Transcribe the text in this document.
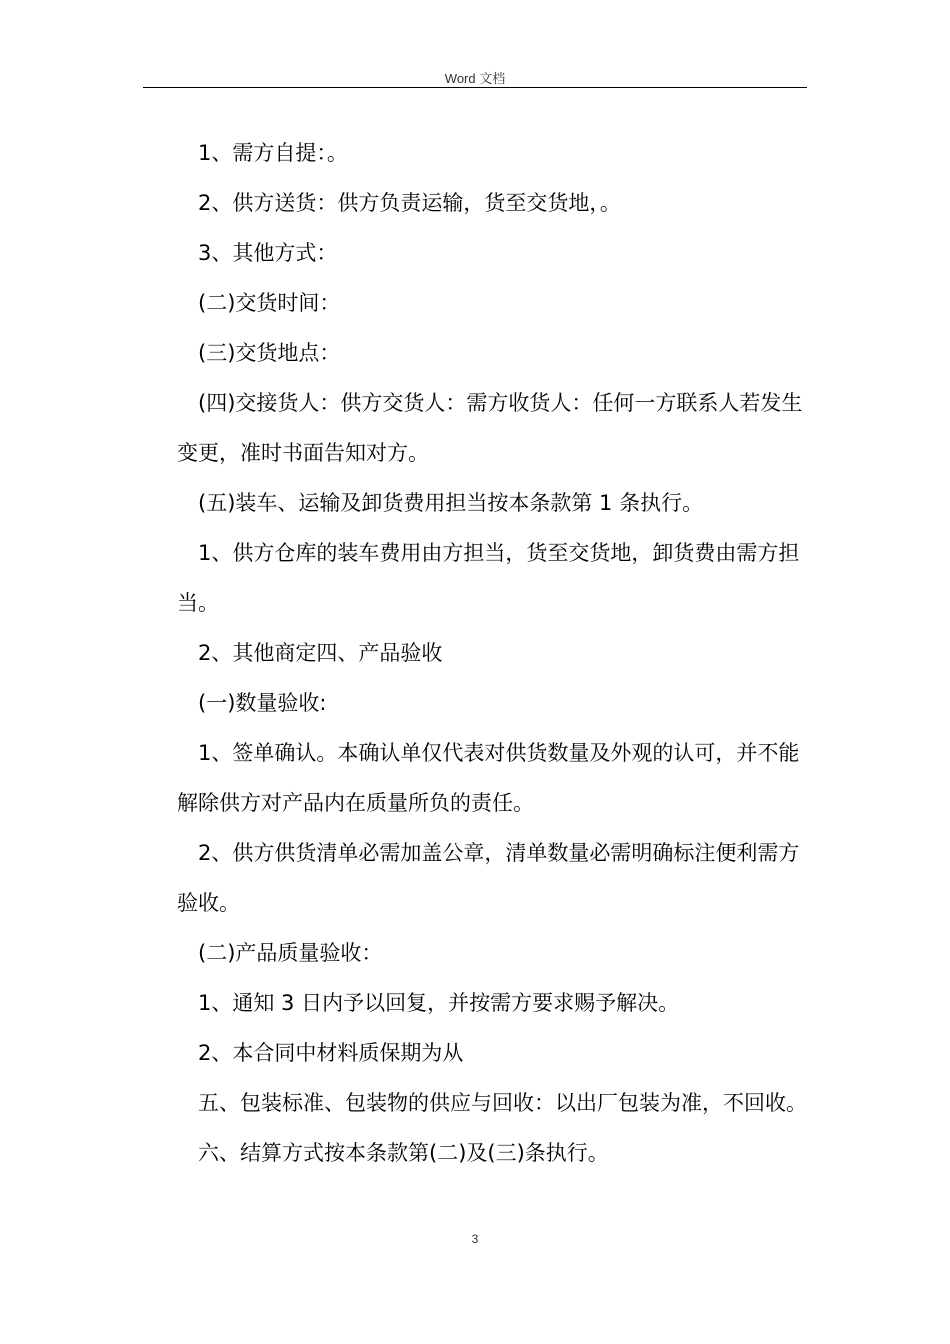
Word 文档

1、需方自提：。

2、供方送货：供方负责运输，货至交货地，。

3、其他方式：

(二)交货时间：

(三)交货地点：

(四)交接货人：供方交货人：需方收货人：任何一方联系人若发生变更，准时书面告知对方。

(五)装车、运输及卸货费用担当按本条款第 1 条执行。

1、供方仓库的装车费用由方担当，货至交货地，卸货费由需方担当。

2、其他商定四、产品验收

(一)数量验收:

1、签单确认。本确认单仅代表对供货数量及外观的认可，并不能解除供方对产品内在质量所负的责任。

2、供方供货清单必需加盖公章，清单数量必需明确标注便利需方验收。

(二)产品质量验收：

1、通知 3 日内予以回复，并按需方要求赐予解决。

2、本合同中材料质保期为从

五、包装标准、包装物的供应与回收：以出厂包装为准，不回收。

六、结算方式按本条款第(二)及(三)条执行。

3
